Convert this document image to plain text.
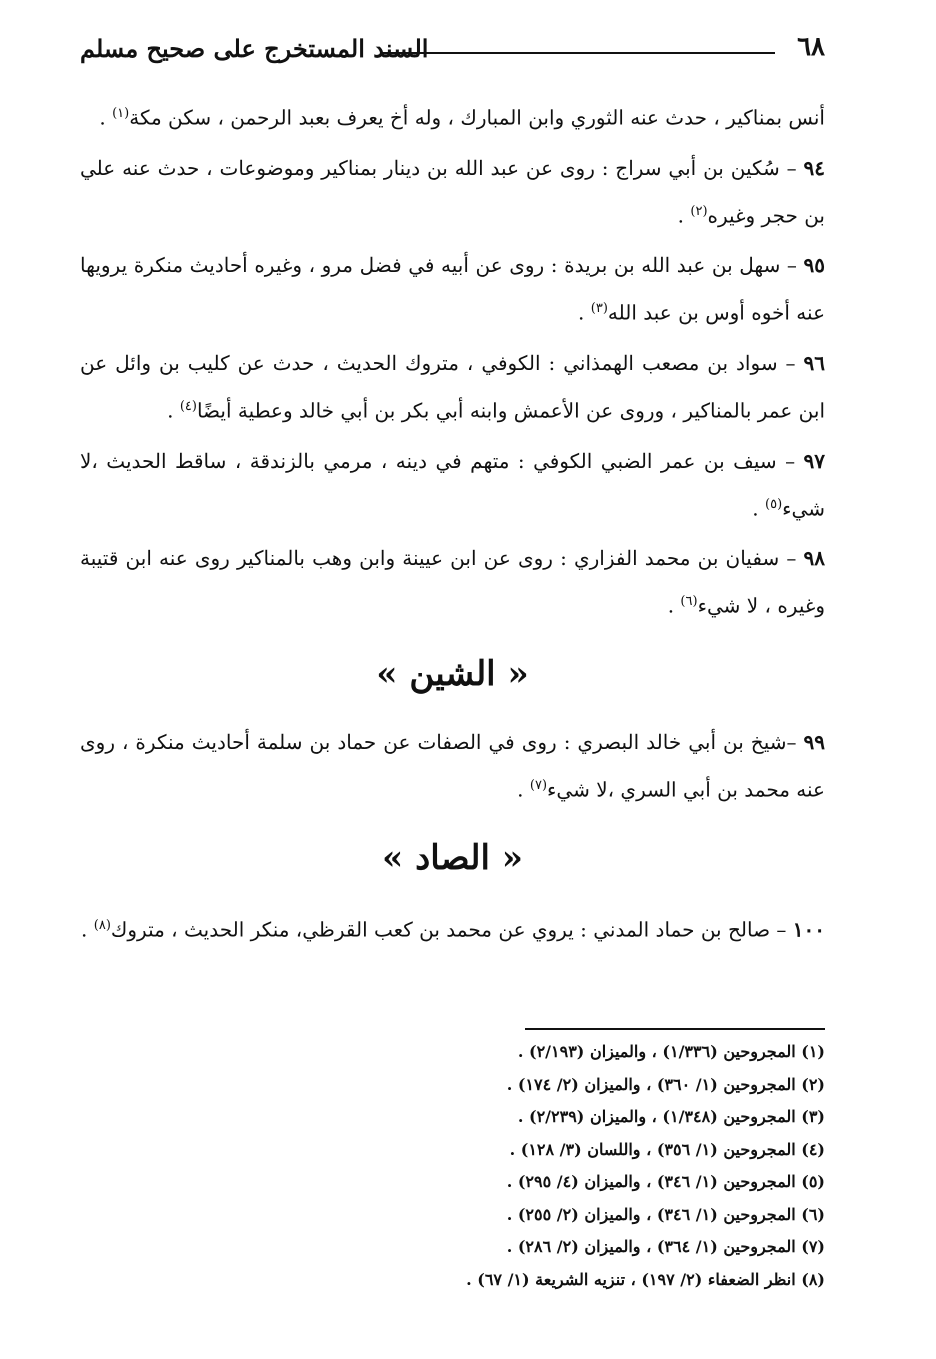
٦٨
السند المستخرج على صحيح مسلم

أنس بمناكير ، حدث عنه الثوري وابن المبارك ، وله أخ يعرف بعبد الرحمن ، سكن مكة$^{(١)}$ .

٩٤ – سُكين بن أبي سراج : روى عن عبد الله بن دينار بمناكير وموضوعات ، حدث عنه علي بن حجر وغيره$^{(٢)}$ .

٩٥ – سهل بن عبد الله بن بريدة : روى عن أبيه في فضل مرو ، وغيره أحاديث منكرة يرويها عنه أخوه أوس بن عبد الله$^{(٣)}$ .

٩٦ – سواد بن مصعب الهمذاني : الكوفي ، متروك الحديث ، حدث عن كليب بن وائل عن ابن عمر بالمناكير ، وروى عن الأعمش وابنه أبي بكر بن أبي خالد وعطية أيضًا$^{(٤)}$ .

٩٧ – سيف بن عمر الضبي الكوفي : متهم في دينه ، مرمي بالزندقة ، ساقط الحديث ،لا شيء$^{(٥)}$ .

٩٨ – سفيان بن محمد الفزاري : روى عن ابن عيينة وابن وهب بالمناكير روى عنه ابن قتيبة وغيره ، لا شيء$^{(٦)}$ .

« الشين »

٩٩ –شيخ بن أبي خالد البصري : روى في الصفات عن حماد بن سلمة أحاديث منكرة ، روى عنه محمد بن أبي السري ،لا شيء$^{(٧)}$ .

« الصاد »

١٠٠ – صالح بن حماد المدني : يروي عن محمد بن كعب القرظي، منكر الحديث ، متروك$^{(٨)}$ .

(١) المجروحين (١/٣٣٦) ، والميزان (٢/١٩٣) .
(٢) المجروحين (١/ ٣٦٠) ، والميزان (٢/ ١٧٤) .
(٣) المجروحين (١/٣٤٨) ، والميزان (٢/٢٣٩) .
(٤) المجروحين (١/ ٣٥٦) ، واللسان (٣/ ١٢٨) .
(٥) المجروحين (١/ ٣٤٦) ، والميزان (٤/ ٢٩٥) .
(٦) المجروحين (١/ ٣٤٦) ، والميزان (٢/ ٢٥٥) .
(٧) المجروحين (١/ ٣٦٤) ، والميزان (٢/ ٢٨٦) .
(٨) انظر الضعفاء (٢/ ١٩٧) ، تنزيه الشريعة (١/ ٦٧) .
